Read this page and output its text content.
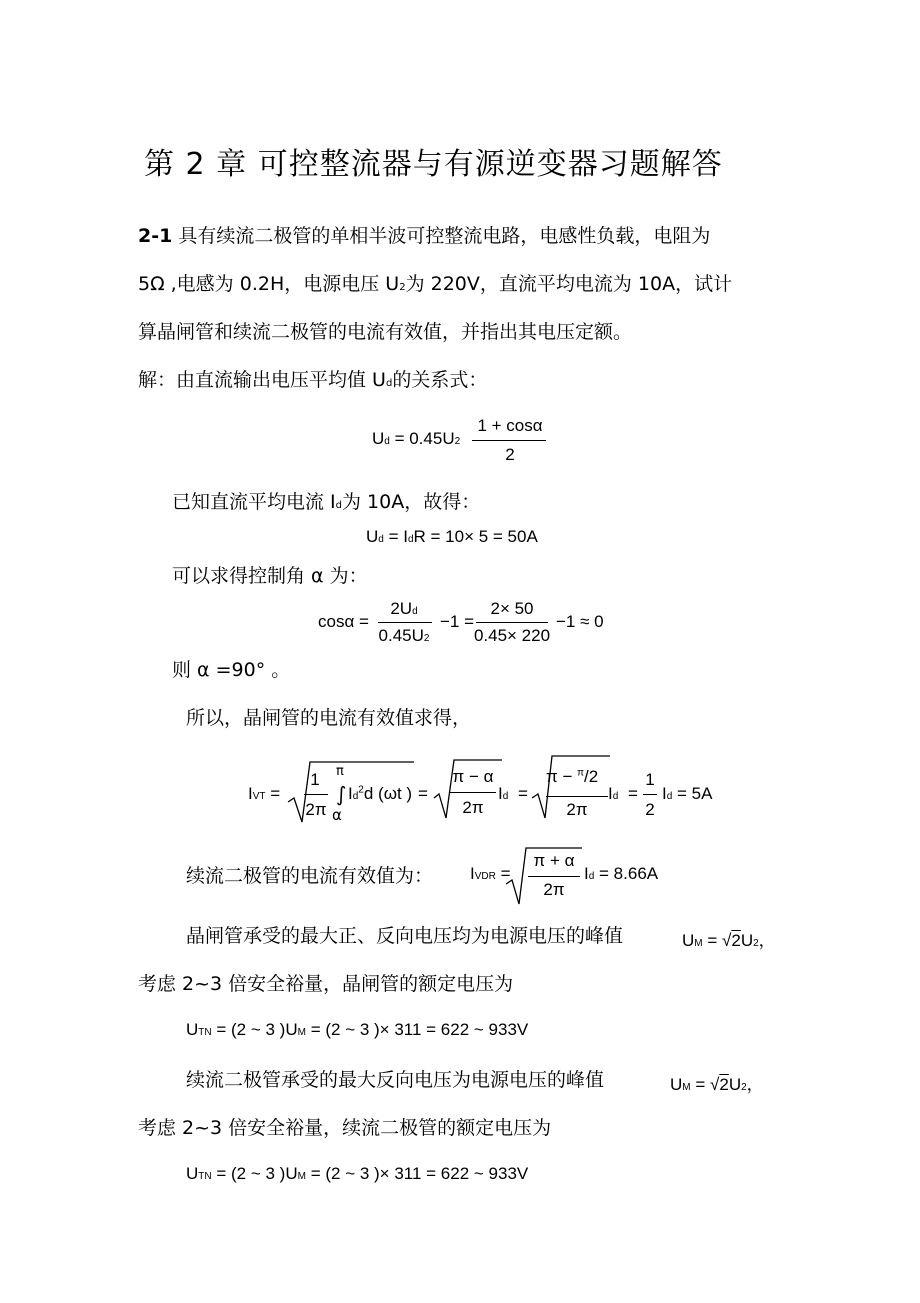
第 2 章 可控整流器与有源逆变器习题解答
2-1 具有续流二极管的单相半波可控整流电路，电感性负载，电阻为
5Ω ,电感为 0.2H，电源电压 U2为 220V，直流平均电流为 10A，试计
算晶闸管和续流二极管的电流有效值，并指出其电压定额。
解：由直流输出电压平均值 Ud的关系式：
Ud = 0.45U2
1 + cosα
2
已知直流平均电流 Id为 10A，故得：
Ud = IdR = 10× 5 = 50A
可以求得控制角 α 为：
cosα =
2Ud
0.45U2
−1 =
2× 50
0.45× 220
−1 ≈ 0
则 α =90° 。
所以，晶闸管的电流有效值求得，
IVT =
1
2π
π
∫
α
Id$^2$d (ωt ) =
π − α
2π
Id =
π − $^\pi$/2
2π
Id =
1
2
Id = 5A
续流二极管的电流有效值为： IVDR =
π + α
2π
Id = 8.66A
晶闸管承受的最大正、反向电压均为电源电压的峰值	UM = √2U2，
考虑 2~3 倍安全裕量，晶闸管的额定电压为
UTN = (2 ~ 3 )UM = (2 ~ 3 )× 311 = 622 ~ 933V
续流二极管承受的最大反向电压为电源电压的峰值	UM = √2U2，
考虑 2~3 倍安全裕量，续流二极管的额定电压为
UTN = (2 ~ 3 )UM = (2 ~ 3 )× 311 = 622 ~ 933V
